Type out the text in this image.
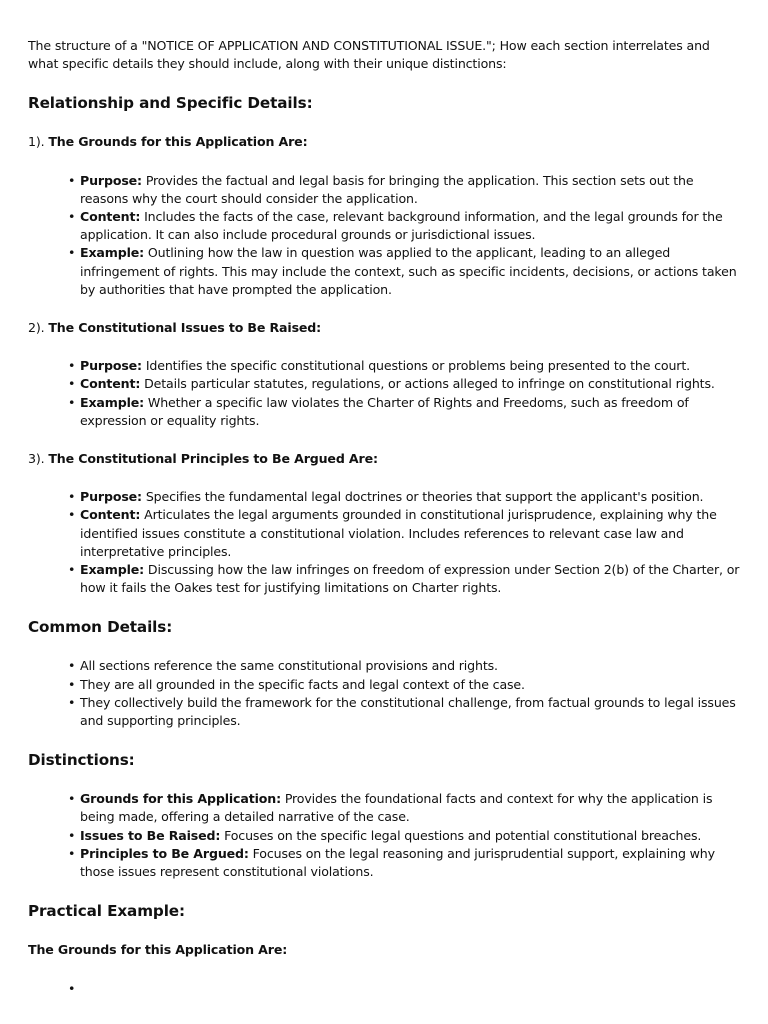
The structure of a "NOTICE OF APPLICATION AND CONSTITUTIONAL ISSUE."; How each section interrelates and what specific details they should include, along with their unique distinctions:

Relationship and Specific Details:

1). The Grounds for this Application Are:

• Purpose: Provides the factual and legal basis for bringing the application. This section sets out the reasons why the court should consider the application.
• Content: Includes the facts of the case, relevant background information, and the legal grounds for the application. It can also include procedural grounds or jurisdictional issues.
• Example: Outlining how the law in question was applied to the applicant, leading to an alleged infringement of rights. This may include the context, such as specific incidents, decisions, or actions taken by authorities that have prompted the application.

2). The Constitutional Issues to Be Raised:

• Purpose: Identifies the specific constitutional questions or problems being presented to the court.
• Content: Details particular statutes, regulations, or actions alleged to infringe on constitutional rights.
• Example: Whether a specific law violates the Charter of Rights and Freedoms, such as freedom of expression or equality rights.

3). The Constitutional Principles to Be Argued Are:

• Purpose: Specifies the fundamental legal doctrines or theories that support the applicant's position.
• Content: Articulates the legal arguments grounded in constitutional jurisprudence, explaining why the identified issues constitute a constitutional violation. Includes references to relevant case law and interpretative principles.
• Example: Discussing how the law infringes on freedom of expression under Section 2(b) of the Charter, or how it fails the Oakes test for justifying limitations on Charter rights.
Common Details:
• All sections reference the same constitutional provisions and rights.
• They are all grounded in the specific facts and legal context of the case.
• They collectively build the framework for the constitutional challenge, from factual grounds to legal issues and supporting principles.
Distinctions:
• Grounds for this Application: Provides the foundational facts and context for why the application is being made, offering a detailed narrative of the case.
• Issues to Be Raised: Focuses on the specific legal questions and potential constitutional breaches.
• Principles to Be Argued: Focuses on the legal reasoning and jurisprudential support, explaining why those issues represent constitutional violations.
Practical Example:

The Grounds for this Application Are:

•
